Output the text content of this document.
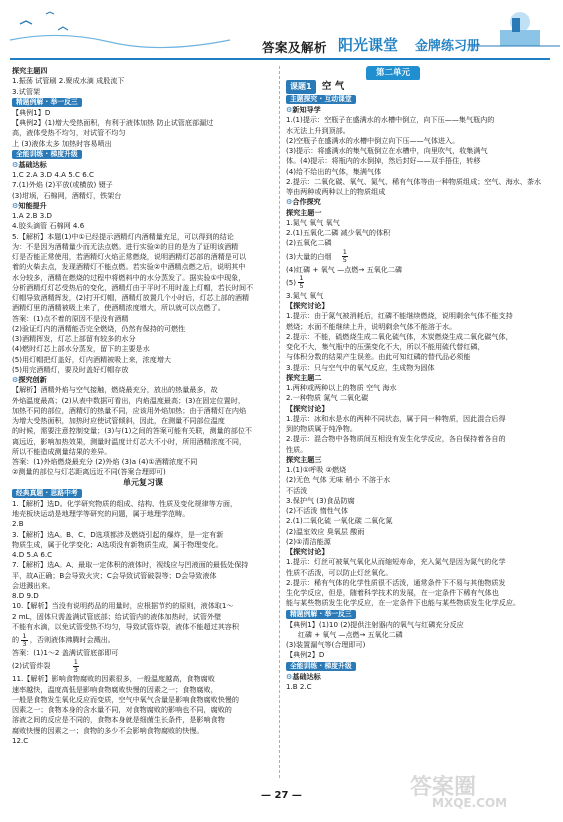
答案及解析 阳光课堂 金牌练习册
探究主题四
1.振荡 试管刷 2.聚成水滴 成股流下
3.试管架
精题例解 · 举一反三
【典例1】D
【典例2】(1)增大受热面积，有利于液体加热 防止试管底部漏过
高，液体受热不均匀，对试管不均匀
上 (3)液体太多 加热时容易喷出
全能训练 · 梯度升级
⚙ 基础达标
1.C 2.A 3.D 4.A 5.C 6.C
7.(1)外焰 (2)平放(或横放) 镊子
(3)坩埚，石棉网，酒精灯，铁架台
⚙ 知能提升
1.A 2.B 3.D
4.胶头滴管 石棉网 4.6
5.【解析】本题(1)中①已经提示酒精灯内酒精量充足，可以得到的结论
为：不是因为酒精量少而无法点燃。进行实验②的目的是为了证明该酒精
灯是否能正常使用，若酒精灯火焰正常燃烧，说明酒精灯芯部的酒精是可以
着的火柴去点，发现酒精灯不能点燃。若实验②中酒精点燃之后，说明其中
水分较多，酒精在燃烧的过程中将燃料中的水分蒸发了。据实验①中现象，
分析酒精灯灯芯受热后的变化，酒精灯由于平时不用时盖上灯帽，若长时间不
灯帽导致酒精挥发，(2)打开灯帽，酒精灯放置几个小时后，灯芯上部的酒精
酒精灯里的酒精被吸上来了，使酒精浓度增大，所以就可以点燃了。
答案：(1)点不着的原因不是没有酒精
(2)验证灯内的酒精能否完全燃烧，仍然有保持的可燃性
(3)酒精挥发，灯芯上部留有较多的水分
(4)燃时灯芯上部水分蒸发，留下的主要是水
(5)用灯帽把灯盖好，灯内酒精被吸上来，浓度增大
(5)用完酒精灯，要及时盖好灯帽存放
⚙ 探究创新
【解析】酒精外焰与空气接触，燃烧最充分，放出的热量最多，故
外焰温度最高；(2)从表中数据可看出，内焰温度最高；(3)在固定位置时，
加热不同的部位，酒精灯的热量不同，应该用外焰加热；由于酒精灯在内焰
为增大受热面积，加热时应使试管倾斜，因此，在测量不同部位温度
的时候，需要注意控制变量；(3)与(1)之间的答案可能有关联，测量的部位不
离远近，影响加热效果，测量时温度计灯芯大不小时，所用酒精浓度不同，
所以不能造成测量结果的差异。
答案：(1)外焰燃烧最充分 (2)外焰 (3)a (4)①酒精浓度不同
②测量的部位与灯芯距离远近不同(答案合理即可)
单元复习课
经典真题 · 思路中考
1.【解析】选D。化学研究物质的组成、结构、性质及变化规律等方面，
地壳板块运动是地理学等研究的问题，属于地理学范畴。
2.B
3.【解析】选A。B、C、D选项都涉及燃烧引起的爆炸，是一定有新
物质生成，属于化学变化；A选项没有新物质生成，属于物理变化。
4.D 5.A 6.C
7.【解析】选A。A、最取一定体积的液体时，视线应与凹液面的最低处保持
平，故A正确；B会导致火灾；C会导致试管破裂等；D会导致液体
会迸溅出来。
8.D 9.D
10.【解析】当没有说明药品的用量时，应根据节约的原则，液体取1～
2 mL，固体只需盖满试管底部；给试管内的液体加热时，试管外壁
不能有水滴，以免试管受热不均匀，导致试管炸裂，液体不能超过其容积
的 $\frac{1}{3}$ ，否则液体沸腾时会溅出。
答案：(1)1～2 盖满试管底部即可
(2)试管炸裂	$\frac{1}{3}$
11.【解析】影响食物腐败的因素很多，一般温度越高，食物腐败
速率越快，温度高低是影响食物腐败快慢的因素之一；食物腐败，
一般是食物发生氧化反应而变质，空气中氧气含量是影响食物腐败快慢的
因素之一；食物本身的含水量不同，对食物腐败的影响也不同，腐败的
溶液之间的反应是不同的，食物本身就是细菌生长条件，是影响食物
腐败快慢的因素之一；食物的多少不会影响食物腐败的快慢。
12.C
第二单元
课题1 空 气
主题探究 · 互动课堂
⚙ 新知导学
1.(1)提示：空瓶子在盛满水的水槽中倒立，向下压——集气瓶内的
水无法上升到顶部。
(2)空瓶子在盛满水的水槽中倒立向下压——气体进入。
(3)提示：将盛满水的集气瓶倒立在水槽中，向里吹气，收集满气
体。(4)提示：将瓶内的水倒掉，然后封好——双手捂住，转移
(4)给不给出的气体，集满气体
2.提示：二氧化碳、氧气、氮气、稀有气体等由一种物质组成；空气、海水、茶水
等由两种或两种以上的物质组成
⚙ 合作探究
探究主题一
1.氮气 氧气 氧气
2.(1)五氧化二磷 减少氧气的体积
(2)五氧化二磷
(3)大量的白烟 $\frac{1}{5}$
(4)红磷 + 氧气 —点燃→ 五氧化二磷
$(5) \frac{1}{5}$
3.氮气 氧气
【探究讨论】
1.提示：由于氮气被消耗后，红磷不能继续燃烧，说明剩余气体不能支持
燃烧；水面不能继续上升，说明剩余气体不能溶于水。
2.提示：不能，硫燃烧生成二氧化硫气体，木炭燃烧生成二氧化碳气体，
变化不大，集气瓶中的压强变化不大，所以不能用硫代替红磷，
与体积分数的结果产生误差。由此可知红磷的替代品必须能
3.提示：只与空气中的氧气反应，生成物为固体
探究主题二
1.两种或两种以上的物质 空气 海水
2.一种物质 氮气 二氧化碳
【探究讨论】
1.提示：冰和水是水的两种不同状态，属于同一种物质，因此混合后得
到的物质属于纯净物。
2.提示：混合物中各物质间互相没有发生化学反应，各自保持着各自的
性质。
探究主题三
1.(1)①呼吸 ②燃烧
(2)无色 气体 无味 稍小 不溶于水
不活泼
3.保护气 (3)食品防腐
(2)不活泼 惰性气体
2.(1)二氧化硫 一氧化碳 二氧化氮
(2)温室效应 臭氧层 酸雨
(2)①清洁能源
【探究讨论】
1.提示：灯丝可被氧气氧化从而缩短寿命，充入氮气是因为氮气的化学
性质不活泼，可以防止灯丝氧化。
2.提示：稀有气体的化学性质很不活泼，通常条件下不易与其他物质发
生化学反应，但是，随着科学技术的发展，在一定条件下稀有气体也
能与某些物质发生化学反应，在一定条件下也能与某些物质发生化学反应。
精题例解 · 举一反三
【典例1】(1)10 (2)提供注射器内的氧气与红磷充分反应
红磷 + 氧气 —点燃→ 五氧化二磷
(3)装置漏气等(合理即可)
【典例2】D
全能训练 · 梯度升级
⚙ 基础达标
1.B 2.C
答案圈
MXQE.COM
— 27 —
